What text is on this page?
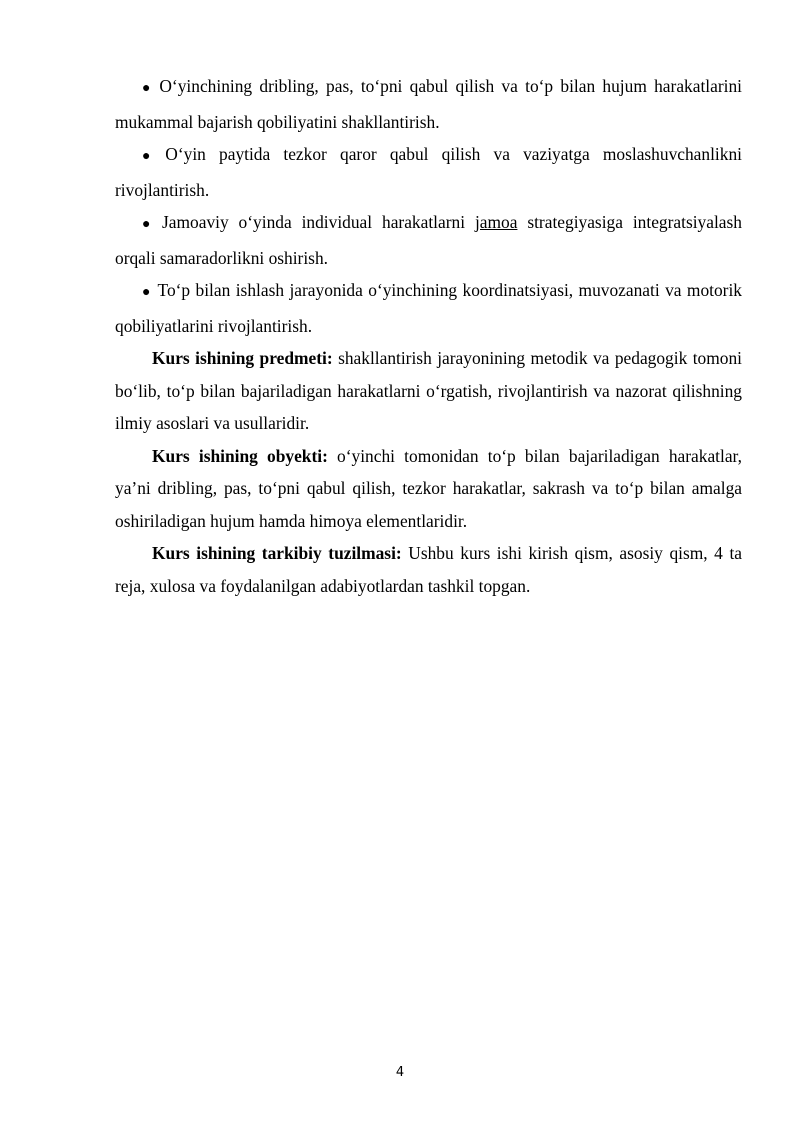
● O‘yinchining dribling, pas, to‘pni qabul qilish va to‘p bilan hujum harakatlarini mukammal bajarish qobiliyatini shakllantirish.

● O‘yin paytida tezkor qaror qabul qilish va vaziyatga moslashuvchanlikni rivojlantirish.

● Jamoaviy o‘yinda individual harakatlarni jamoa strategiyasiga integratsiyalash orqali samaradorlikni oshirish.

● To‘p bilan ishlash jarayonida o‘yinchining koordinatsiyasi, muvozanati va motorik qobiliyatlarini rivojlantirish.

Kurs ishining predmeti: shakllantirish jarayonining metodik va pedagogik tomoni bo‘lib, to‘p bilan bajariladigan harakatlarni o‘rgatish, rivojlantirish va nazorat qilishning ilmiy asoslari va usullaridir.

Kurs ishining obyekti: o‘yinchi tomonidan to‘p bilan bajariladigan harakatlar, ya’ni dribling, pas, to‘pni qabul qilish, tezkor harakatlar, sakrash va to‘p bilan amalga oshiriladigan hujum hamda himoya elementlaridir.

Kurs ishining tarkibiy tuzilmasi: Ushbu kurs ishi kirish qism, asosiy qism, 4 ta reja, xulosa va foydalanilgan adabiyotlardan tashkil topgan.

4
